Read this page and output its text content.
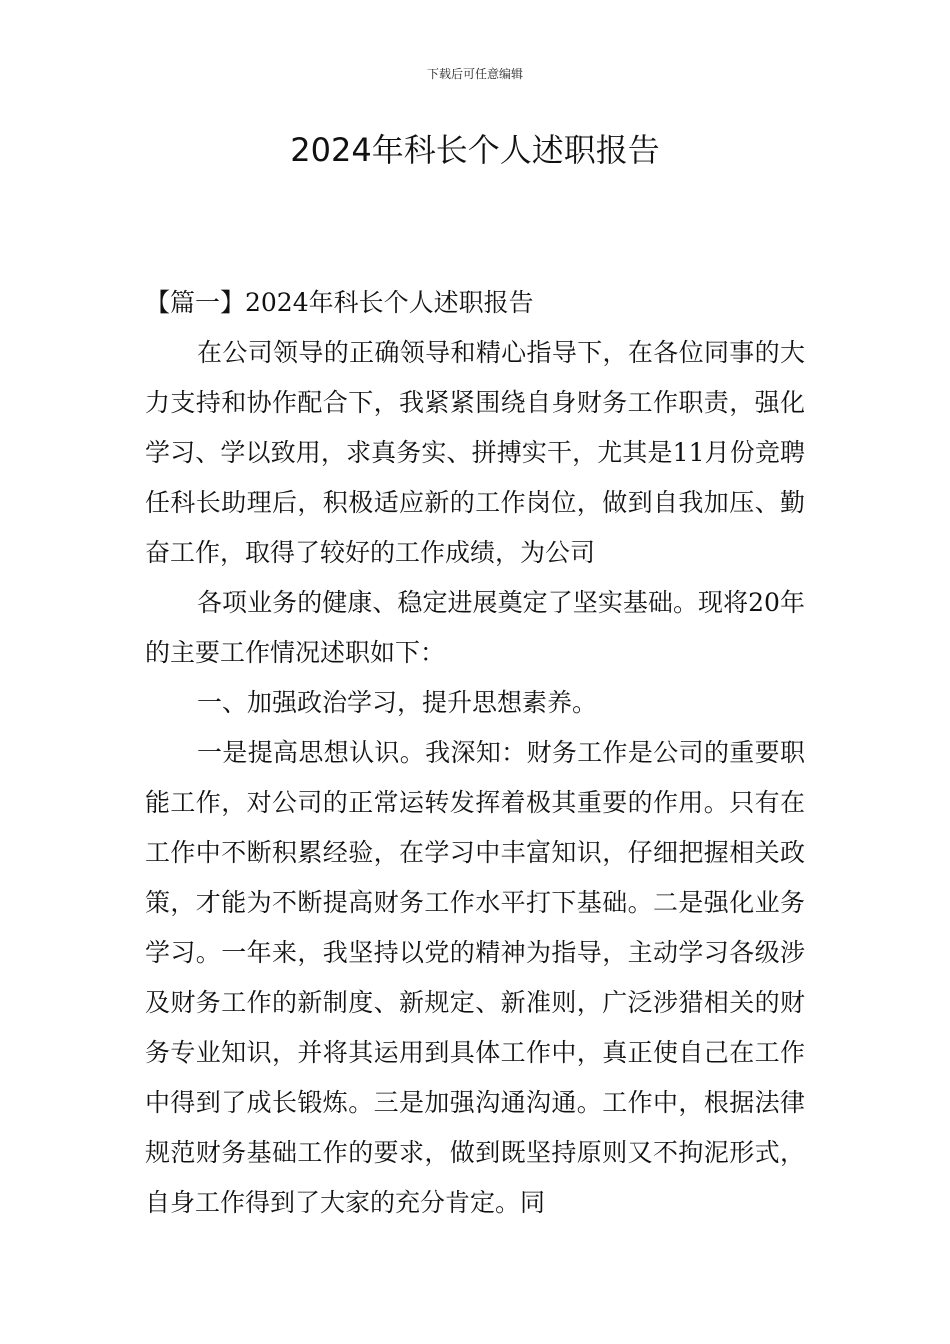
下载后可任意编辑
2024年科长个人述职报告

【篇一】2024年科长个人述职报告

在公司领导的正确领导和精心指导下，在各位同事的大力支持和协作配合下，我紧紧围绕自身财务工作职责，强化学习、学以致用，求真务实、拼搏实干，尤其是11月份竞聘任科长助理后，积极适应新的工作岗位，做到自我加压、勤奋工作，取得了较好的工作成绩，为公司

各项业务的健康、稳定进展奠定了坚实基础。现将20年的主要工作情况述职如下：

一、加强政治学习，提升思想素养。

一是提高思想认识。我深知：财务工作是公司的重要职能工作，对公司的正常运转发挥着极其重要的作用。只有在工作中不断积累经验，在学习中丰富知识，仔细把握相关政策，才能为不断提高财务工作水平打下基础。二是强化业务学习。一年来，我坚持以党的精神为指导，主动学习各级涉及财务工作的新制度、新规定、新准则，广泛涉猎相关的财务专业知识，并将其运用到具体工作中，真正使自己在工作中得到了成长锻炼。三是加强沟通沟通。工作中，根据法律规范财务基础工作的要求，做到既坚持原则又不拘泥形式，自身工作得到了大家的充分肯定。同
